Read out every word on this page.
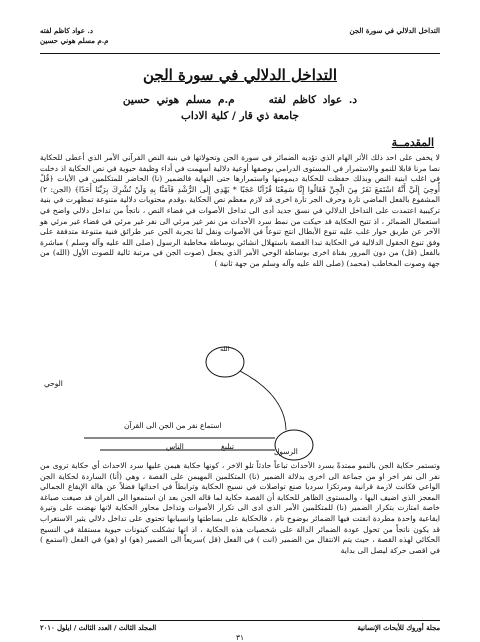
التداخل الدلالي في سورة الجن
د. عواد كاظم لفته
م.م مسلم هوني حسين
التداخل الدلالي في سورة الجن
د. عواد كاظم لفتهم.م مسلم هوني حسين
جامعة ذي قار / كلية الاداب
المقدمــة
لا يخفى على احد ذلك الأثر الهام الذي تؤديه الضمائر في سورة الجن وتحولاتها في بنية النص القرآني الأمر الذي أعطى للحكاية نصا مرنا قابلا للنمو والاستمرار في المستوى الدرامي بوصفها أوعية دلالية أسهمت في أداء وظيفة حيوية في نص الحكاية اذ دخلت في اغلب ابنية النص وبذلك حفظت للحكاية ديمومتها واستمرارها حتى النهاية فالضمير (نا) الحاضر للمتكلمين في الأيات ﴿قُلْ أُوحِيَ إِلَيَّ أَنَّهُ اسْتَمَعَ نَفَرٌ مِنَ الْجِنِّ فَقَالُوا إِنَّا سَمِعْنَا قُرْآنًا عَجَبًا * يَهْدِي إِلَى الرُّشْدِ فَآمَنَّا بِهِ وَلَنْ نُشْرِكَ بِرَبِّنَا أَحَدًا﴾ (الجن: ٢) المشفوع بالفعل الماضي تارة وحرف الجر تارة اخرى قد لازم معظم نص الحكاية ،وقدم محتويات دلالية متنوعة تمظهرت في بنية تركيبية اعتمدت على التداخل الدلالي في نسق جديد أدى الى تداخل الأصوات في فضاء النص ، ناتجاً من تداخل دلالي واضح في استعمال الضمائر ، اذ تتيح الحكاية قد حيكت من نمط سرد الأحداث من نفر غير مرئي الى نفر غير مرئي في فضاء غير مرئي هو الآخر عن طريق حوار غلب عليه تنوع الأبطال انتج تنوعاً في الأصوات ونقل لنا تجربة الجن عبر طرائق فنية متنوعة متدفقة على وفق تنوع الحقول الدلالية في الحكاية تبدا القصة باستهلال انشائي بوساطة مخاطبة الرسول (صلى الله عليه وآله وسلم ) مباشرة بالفعل (قل) من دون المرور بقناة اخرى بوساطة الوحي الأمر الذي يجعل (صوت الجن في مرتبة ثالية للصوت الأول (الله) من جهة وصوت المخاطب (محمد) (صلى الله عليه وآله وسلم من جهة ثانية )
الله
الوحي
استماع نفر من الجن الى القرآن
الناس	تبليغ
الرسول
وتستمر حكاية الجن بالنمو ممتدةً بسرد الأحداث تباعاً حادثاً تلو الاخر ، كونها حكاية هيمن عليها سرد الاحداث أي حكاية تروى من نفر الى نفر اخر او من جماعة الى اخرى بدلالة الضمير (نا) المتكلمين المهيمن على القصة ، وهي (أنا) الساردة لحكاية الجن الواعي فكانت لازمة قرانية ومرتكزا سرديا صنع تواصلات في نسيج الحكاية وترابطاً في احداثها فضلاً عن هالة الإيقاع الجمالي المعجز الذي اضيف اليها ، والمستوى الظاهر للحكاية أن القصة حكاية لما قاله الجن بعد ان استمعوا الى القران قد صيغت صياغة خاصة امتازت بتكرار الضمير (نا) للمتكلمين الأمر الذي ادى الى تكرار الأصوات وتداخل محاور الحكاية لانها نهضت على وتيرة ايقاعية واحدة مطردة انفتت فيها الضمائر بوضوح تام ، فالحكاية على بساطتها وانسيابها تحتوي على تداخل دلالي يثير الاستغراب قد يكون ناتجاً من تحول عودة الضمائر الدالة على شخصيات هذه الحكاية ، اذ انها تشكلت كينونات حيوية مستقلة في النسيج الحكائي لهذه القصة ، حيث يتم الانتقال من الضمير (انت ) في الفعل (قل )سريعاً الى الضمير (هو) او (هو) في الفعل (استمع ) في اقصى حركة ليصل الى بداية
مجلة أوروك للأبحاث الإنسانية
المجلد الثالث / العدد الثالث / ايلول ٢٠١٠
٣١
